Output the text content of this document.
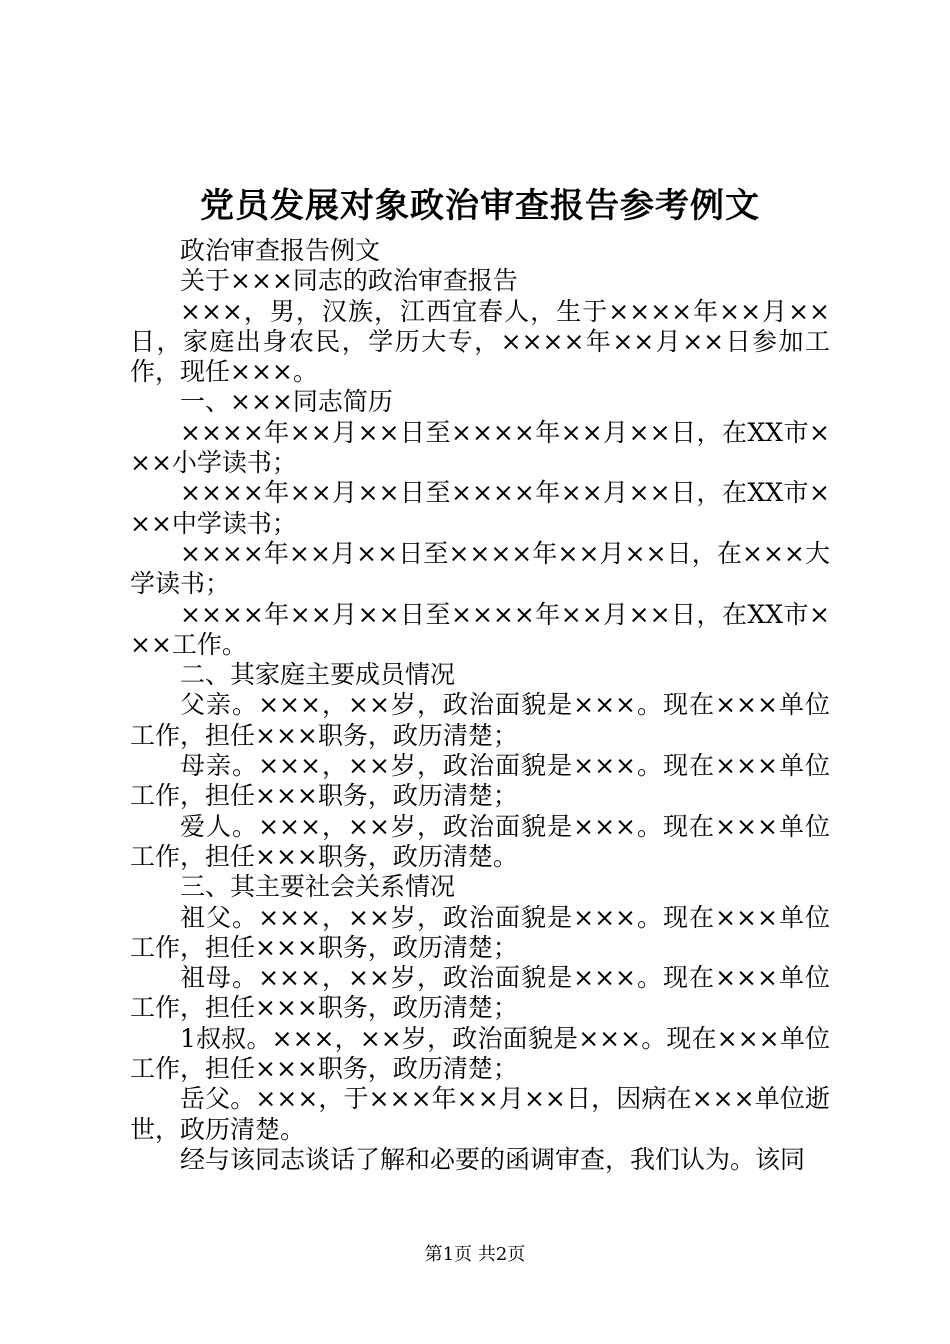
党员发展对象政治审查报告参考例文

政治审查报告例文

关于×××同志的政治审查报告

×××，男，汉族，江西宜春人，生于××××年××月××日，家庭出身农民，学历大专，××××年××月××日参加工作，现任×××。

一、×××同志简历

××××年××月××日至××××年××月××日，在XX市×××小学读书；

××××年××月××日至××××年××月××日，在XX市×××中学读书；

××××年××月××日至××××年××月××日，在×××大学读书；

××××年××月××日至××××年××月××日，在XX市×××工作。

二、其家庭主要成员情况

父亲。×××，××岁，政治面貌是×××。现在×××单位工作，担任×××职务，政历清楚；

母亲。×××，××岁，政治面貌是×××。现在×××单位工作，担任×××职务，政历清楚；

爱人。×××，××岁，政治面貌是×××。现在×××单位工作，担任×××职务，政历清楚。

三、其主要社会关系情况

祖父。×××，××岁，政治面貌是×××。现在×××单位工作，担任×××职务，政历清楚；

祖母。×××，××岁，政治面貌是×××。现在×××单位工作，担任×××职务，政历清楚；

1叔叔。×××，××岁，政治面貌是×××。现在×××单位工作，担任×××职务，政历清楚；

岳父。×××，于×××年××月××日，因病在×××单位逝世，政历清楚。

经与该同志谈话了解和必要的函调审查，我们认为。该同

第1页 共2页
